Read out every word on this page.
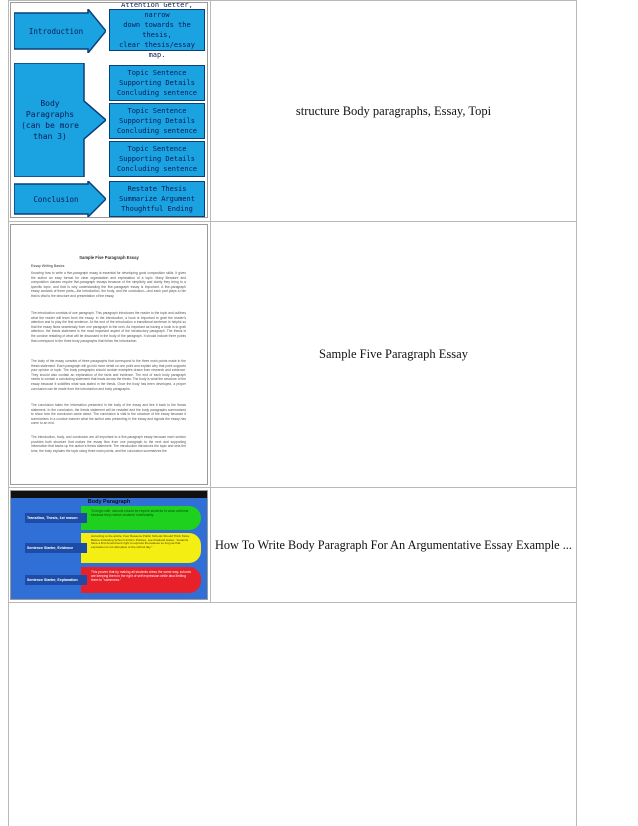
Introduction
Body Paragraphs (can be more than 3)
Conclusion
Attention Getter, narrow
down towards the thesis,
clear thesis/essay map.
Topic Sentence
Supporting Details
Concluding sentence
Topic Sentence
Supporting Details
Concluding sentence
Topic Sentence
Supporting Details
Concluding sentence
Restate Thesis
Summarize Argument
Thoughtful Ending
structure Body paragraphs, Essay, Topi
Sample Five Paragraph Essay
Essay Writing Basics
Knowing how to write a five-paragraph essay is essential for developing good composition skills. It gives the author an easy format for clear organization and explanation of a topic. Many literature and composition classes require five-paragraph essays because of the simplicity and clarity they bring to a specific topic, and that is why understanding the five-paragraph essay is important. A five-paragraph essay consists of three parts—the introduction, the body, and the conclusion—and each part plays a role that is vital to the structure and presentation of the essay.
The introduction consists of one paragraph. This paragraph introduces the reader to the topic and outlines what the reader will learn from the essay. In the introduction, a hook is important to grab the reader's attention and to play the first sentence. At the end of the introduction a transitional sentence is helpful so that the essay flows seamlessly from one paragraph to the next. As important as having a hook is to grab attention, the thesis statement is the most important aspect of the introductory paragraph. The thesis is the concise restating of what will be discussed in the body of the paragraph. It should include three points that correspond to the three body paragraphs that follow the introduction.
The body of the essay consists of three paragraphs that correspond to the three main points made in the thesis statement. Each paragraph will go into more detail on one point and explain why that point supports your opinion or topic. The body paragraphs should contain examples drawn from research and evidence. They should also contain an explanation of the facts and evidence. The end of each body paragraph needs to contain a concluding statement that leads across the thesis. The body is what the structure of the essay because it solidifies what was stated in the thesis. Once the body has been developed, a proper conclusion can be made from the introduction and body paragraphs.
The conclusion takes the information presented in the body of the essay and ties it back to the thesis statement. In the conclusion, the thesis statement will be restated and the body paragraphs summarized to show how the conclusion came about. The conclusion is vital to the structure of the essay because it summarizes in a concise manner what the author was presenting in the essay and signals the essay has come to an end.
The introduction, body, and conclusion are all important to a five-paragraph essay because each section provides both structure that makes the essay flow from one paragraph to the next and supporting information that backs up the author's thesis statement. The introduction introduces the topic and sets the tone, the body explains the topic using three main points, and the conclusion summarizes the
Sample Five Paragraph Essay
Body Paragraph
Transition, Thesis, 1st reason
To begin with, schools should be require students to wear uniforms because they restrict students' individuality.
Sentence Starter, Evidence
According to the article, Four Reasons Public Schools Should Think Twice Before Instituting School Uniform Policies, Lee Rowland states, "students have a first Amendment right to express themselves so long as that expression is not disruptive to the school day."
Sentence Starter, Explanation
This proves that by making all students dress the same way, schools are keeping them in the right of self expression while also limiting them to "sameness."
How To Write Body Paragraph For An Argumentative Essay Example ...
